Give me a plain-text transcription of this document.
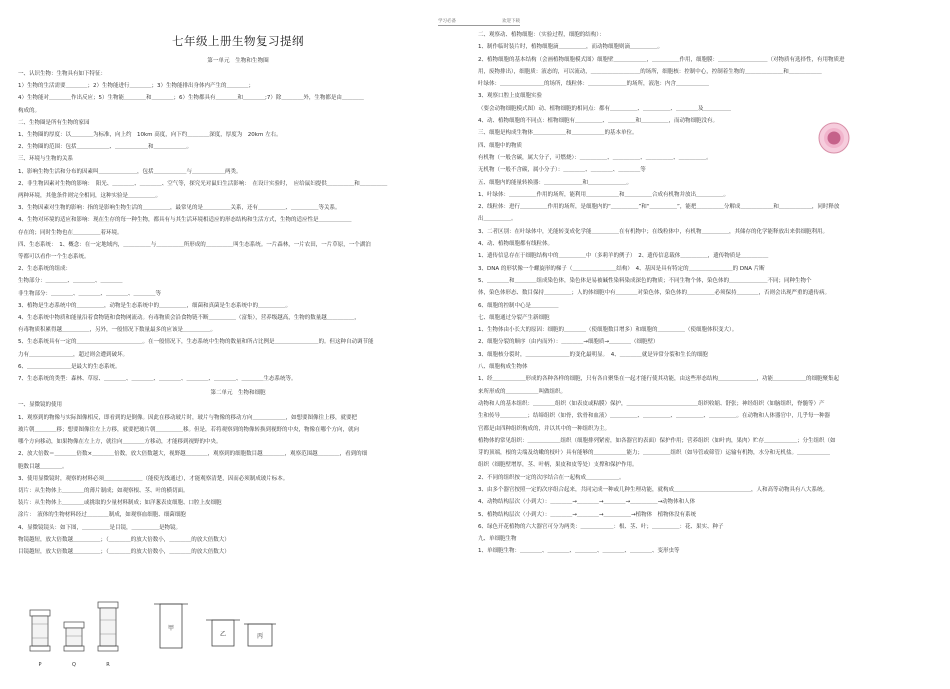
学习必备	欢迎下载
七年级上册生物复习提纲
第一单元　生物和生物圈
一、认识生物：生物具有如下特征：
1）生物的生活需要＿＿＿＿；2）生物能进行＿＿＿＿；3）生物能排出身体内产生的＿＿＿＿；
4）生物能对＿＿＿＿作出反应；5）生物能＿＿＿＿和＿＿＿＿；6）生物都具有＿＿＿＿和＿＿＿＿;7）除＿＿＿＿外，生物都是由＿＿＿＿
构成的。
二、生物圈是所有生物的家园
1、生物圈的厚度：以＿＿＿＿为标准，向上约　10km 高度，向下约＿＿＿＿深度，厚度为　20km 左右。
2、生物圈的范围：包括＿＿＿＿＿＿、＿＿＿＿＿＿和＿＿＿＿＿＿。
三、环境与生物的关系
1、影响生物生活和分布的因素叫＿＿＿＿＿＿＿，包括＿＿＿＿＿＿与＿＿＿＿＿＿两类。
2、非生物因素对生物的影响：　阳光、＿＿＿＿、＿＿＿＿、空气等，探究光对鼠妇生活影响：　在设计实验时，　应给鼠妇提供＿＿＿＿＿和＿＿＿＿＿
两种环境，其他条件则完全相同，这种实验是＿＿＿＿＿。
3、生物因素对生物的影响：指的是影响生物生活的＿＿＿＿＿，最常见的是＿＿＿＿＿关系，还有＿＿＿＿＿、＿＿＿＿＿等关系。
4、生物对环境的适应和影响：现在生存的每一种生物，都具有与其生活环境相适应的形态结构和生活方式，生物的适应性是＿＿＿＿＿＿
存在的；同时生物也在＿＿＿＿＿着环境。
四、生态系统：　1、概念：在一定地域内，＿＿＿＿＿与＿＿＿＿＿所形成的＿＿＿＿＿叫生态系统。一片森林，一片农田，一片草原，一个湖泊
等都可以看作一个生态系统。
2、生态系统的组成：
生物部分：＿＿＿＿、＿＿＿＿、＿＿＿＿
非生物部分：＿＿＿＿、＿＿＿＿、＿＿＿＿、＿＿＿＿等
3、植物是生态系统中的＿＿＿＿＿，动物是生态系统中的＿＿＿＿＿，细菌和真菌是生态系统中的＿＿＿＿＿。
4、生态系统中物质和能量沿着食物链和食物网流动。有毒物质会沿食物链不断＿＿＿＿＿（富集），营养级越高，生物的数量越＿＿＿＿＿，
有毒物质积累得越＿＿＿＿＿，另外，一般情况下数量最多的应该是＿＿＿＿＿。
5、生态系统具有一定的＿＿＿＿＿＿＿＿＿＿＿＿。在一般情况下，生态系统中生物的数量和所占比例是＿＿＿＿＿＿＿＿的。但这种自动调节能
力有＿＿＿＿＿＿＿＿，超过则会遭到破坏。
6、＿＿＿＿＿＿＿＿是最大的生态系统。
7、生态系统的类型：森林、草原、＿＿＿＿、＿＿＿＿、＿＿＿＿、＿＿＿＿、＿＿＿＿、＿＿＿＿生态系统等。
第二单元　生物和细胞
一、显微镜的使用
1、观察到的物像与实际图像相反，即看到的是倒像。因此在移动玻片时，玻片与物像的移动方向＿＿＿＿＿＿，如想要图像往上移，就要把
玻片朝＿＿＿＿移；想要图像往左上方移，就要把玻片朝＿＿＿＿＿移。但是，若将观察到的物像转换到视野的中央，物像在哪个方向，就向
哪个方向移动，如果物像在左上方，就往向＿＿＿＿方移动，才能移到视野的中央。
2、放大倍数＝＿＿＿＿倍数×＿＿＿＿倍数，放大倍数越大，视野越＿＿＿＿，观察到的细胞数目越＿＿＿＿，观察范围越＿＿＿＿，看到的细
胞数目越＿＿＿＿。
3、使用显微镜时，观察的材料必须＿＿＿＿＿＿＿（能使光线通过），才能观察清楚，因而必须制成玻片标本。
切片：从生物体上＿＿＿＿的薄片制成；如观察根、茎、叶的横切面。
装片：从生物体上＿＿＿＿或挑取的少量材料制成；如洋葱表皮细胞、口腔上皮细胞
涂片：　液体的生物材料经过＿＿＿＿制成，如观察血细胞、细菌细胞
4、显微镜镜头：如下图，＿＿＿＿＿是目镜，＿＿＿＿＿是物镜。
物镜越短，放大倍数越＿＿＿＿＿；（＿＿＿＿的放大倍数小，＿＿＿＿的放大倍数大）
目镜越短，放大倍数越＿＿＿＿＿；（＿＿＿＿的放大倍数小，＿＿＿＿的放大倍数大）
P	Q	R
甲
乙	丙
二、观察动、植物细胞：（实验过程，细胞的结构）：
1、制作临时装片时，植物细胞滴＿＿＿＿＿，而动物细胞则滴＿＿＿＿＿。
2、植物细胞的基本结构（会画植物细胞模式图）细胞壁＿＿＿＿＿＿，＿＿＿＿＿作用，细胞膜：＿＿＿＿＿＿＿＿＿（对物质有选择性，有用物质进
用，废物排出），细胞质：液态的，可以流动，＿＿＿＿＿＿＿＿＿的场所，细胞核：控制中心，控制着生物的＿＿＿＿＿＿＿和＿＿＿＿＿＿
叶绿体：＿＿＿＿＿＿＿＿的场所，线粒体：＿＿＿＿＿＿＿的场所，液泡：内含＿＿＿＿＿＿
3、观察口腔上皮细胞实验
（要会动物细胞模式图）动、植物细胞的相同点：都有＿＿＿＿＿、＿＿＿＿＿、＿＿＿＿及＿＿＿＿＿
4、动、植物细胞的不同点：植物细胞有＿＿＿＿＿、＿＿＿＿＿和＿＿＿＿＿，而动物细胞没有。
三、细胞是构成生物体＿＿＿＿＿＿和＿＿＿＿＿＿的基本单位。
四、细胞中的物质
有机物（一般含碳，属大分子，可燃烧）：＿＿＿＿＿、＿＿＿＿＿、＿＿＿＿＿、＿＿＿＿＿。
无机物（一般不含碳，属小分子）：＿＿＿＿、＿＿＿＿、＿＿＿＿等
五、细胞内的能量转换器：＿＿＿＿＿＿＿和＿＿＿＿＿＿＿。
1、叶绿体：＿＿＿＿＿作用的场所，能利用＿＿＿＿＿＿和＿＿＿＿＿合成有机物并放出＿＿＿＿＿。
2、线粒体：进行＿＿＿＿＿作用的场所，是细胞内的“＿＿＿＿＿”和“＿＿＿＿＿”，能把＿＿＿＿＿分解成＿＿＿＿＿＿和＿＿＿＿＿＿，同时释放
出＿＿＿＿＿。
3、二者区别：在叶绿体中，光能转变成化学能＿＿＿＿＿在有机物中；在线粒体中，有机物＿＿＿＿＿，其储存的化学能释放出来供细胞利用。
4、动、植物细胞都有线粒体。
1、遗传信息存在于细胞结构中的＿＿＿＿＿中（多莉羊的例子）　2、遗传信息载体＿＿＿＿＿，遗传物质是＿＿＿＿＿
3、DNA 的形状像一个螺旋形的梯子（＿＿＿＿＿＿＿＿结构）　4、基因是具有特定的＿＿＿＿＿＿＿＿的 DNA 片断
5、＿＿＿＿和＿＿＿＿组成染色体，染色体是易被碱性染料染成深色的物质；不同生物个体，染色体的＿＿＿＿＿＿＿不同；同种生物个
体，染色体形态、数目保持＿＿＿＿＿；人的体细胞中有＿＿＿＿对染色体，染色体的＿＿＿＿＿必须保持＿＿＿＿，否则会出现严重的遗传病。
6、细胞的控制中心是＿＿＿＿＿
七、细胞通过分裂产生新细胞
1、生物体由小长大的原因：细胞的＿＿＿＿（使细胞数目增多）和细胞的＿＿＿＿＿（使细胞体积变大）。
2、细胞分裂的顺序（由内而外）：＿＿＿＿→细胞质→＿＿＿＿（细胞壁）
3、细胞核分裂时，＿＿＿＿＿＿＿＿的变化最明显。　4、＿＿＿＿就是异常分裂和生长的细胞
八、细胞构成生物体
1、经＿＿＿＿＿＿形成的各种各样的细胞，只有各自聚集在一起才能行使其功能，由这些形态结构＿＿＿＿＿＿＿，功能＿＿＿＿＿＿的细胞聚集起
来所形成的＿＿＿＿＿＿叫做组织。
动物和人的基本组织：＿＿＿＿组织（如表皮或粘膜）保护，＿＿＿＿＿＿＿＿＿＿＿＿＿组织收缩、舒张；神经组织（如脑组织，脊髓等）产
生和传导＿＿＿＿＿；结缔组织（如骨，软骨和血液）＿＿＿＿＿、＿＿＿＿＿、＿＿＿＿＿、＿＿＿＿＿。在动物和人体器官中，几乎每一种器
官都是由四种组织构成的，并以其中的一种组织为主。
植物体的常见组织：＿＿＿＿＿＿组织（细胞排列紧密，如各器官的表面）保护作用；营养组织（如叶肉，果肉）贮存＿＿＿＿＿＿；分生组织（如
芽的顶端，根的尖端及幼嫩的枝叶）具有能够的＿＿＿＿＿＿能力；＿＿＿＿＿组织（如导管或筛管）运输有机物，水分和无机盐。＿＿＿＿＿＿
组织（细胞壁增厚，茎、叶柄，果皮和皮等处）支撑和保护作用。
2、不同的组织按一定的次序结合在一起构成＿＿＿＿＿＿。
3、由多个器官按照一定的次序组合起来，共同完成一种或几种生理功能，就构成＿＿＿＿＿＿＿＿＿＿＿＿＿＿，人和高等动物具有八大系统。
4、动物结构层次（小到大）：＿＿＿＿→＿＿＿＿→＿＿＿＿→＿＿＿＿＿→动物体和人体
5、植物结构层次（小到大）：＿＿＿＿→＿＿＿＿→＿＿＿＿＿→植物体　植物体没有系统
6、绿色开花植物的六大器官可分为两类：＿＿＿＿＿＿：根、茎、叶；＿＿＿＿＿：花、果实、种子
九、单细胞生物
1、单细胞生物：＿＿＿＿、＿＿＿＿、＿＿＿＿、＿＿＿＿、＿＿＿＿、变形虫等
